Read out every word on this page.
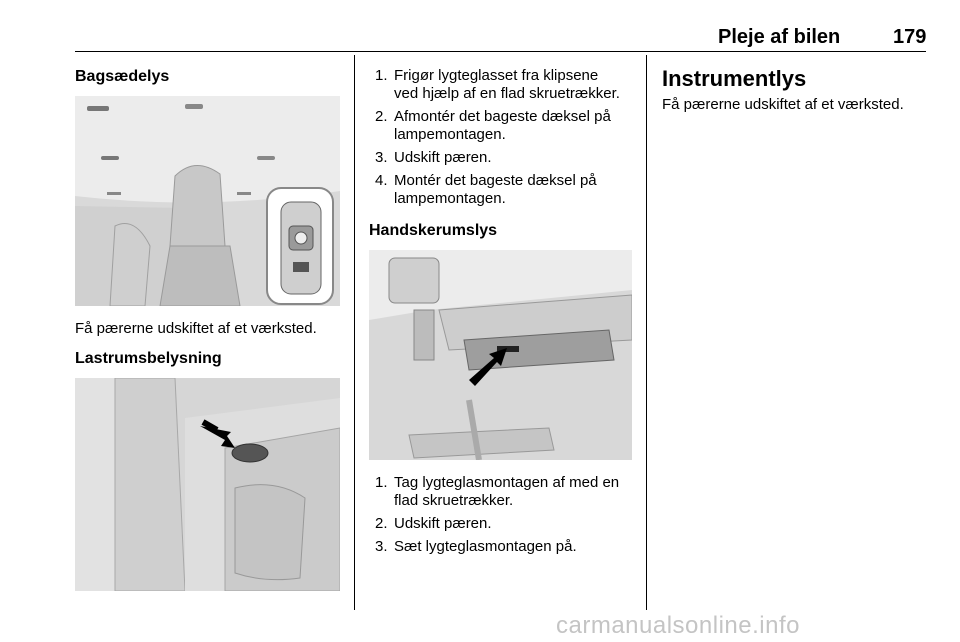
Pleje af bilen	179
Bagsædelys
Få pærerne udskiftet af et værksted.
Lastrumsbelysning
1. Frigør lygteglasset fra klipsene
ved hjælp af en flad skruetrækker.
2. Afmontér det bageste dæksel på
lampemontagen.
3. Udskift pæren.
4. Montér det bageste dæksel på
lampemontagen.
Handskerumslys
1. Tag lygteglasmontagen af med en
flad skruetrækker.
2. Udskift pæren.
3. Sæt lygteglasmontagen på.
Instrumentlys
Få pærerne udskiftet af et værksted.
carmanualsonline.info
